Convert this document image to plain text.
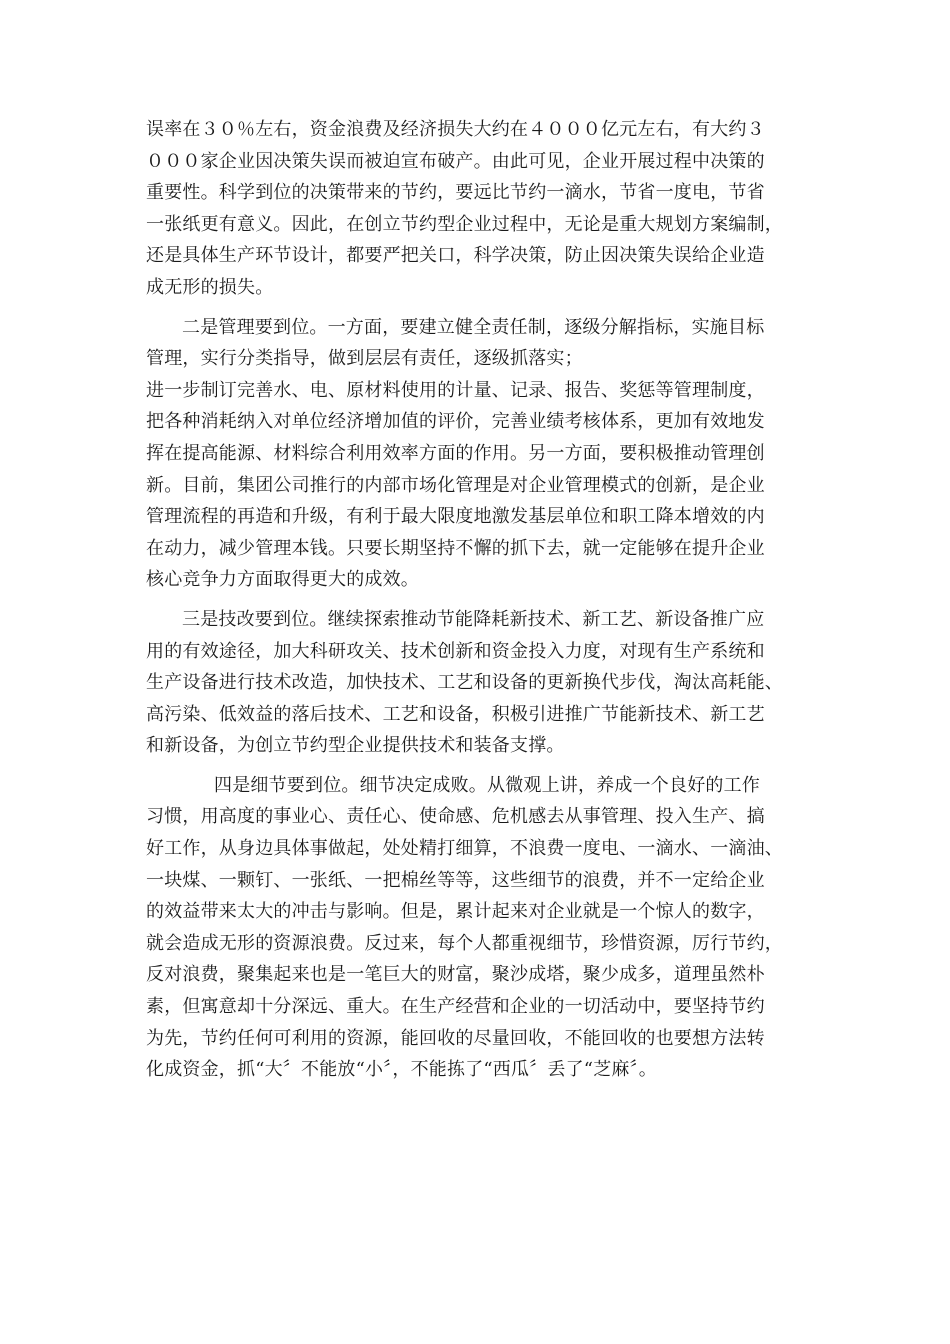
误率在３０％左右，资金浪费及经济损失大约在４０００亿元左右，有大约３
０００家企业因决策失误而被迫宣布破产。由此可见，企业开展过程中决策的
重要性。科学到位的决策带来的节约，要远比节约一滴水，节省一度电，节省
一张纸更有意义。因此，在创立节约型企业过程中，无论是重大规划方案编制，
还是具体生产环节设计，都要严把关口，科学决策，防止因决策失误给企业造
成无形的损失。
二是管理要到位。一方面，要建立健全责任制，逐级分解指标，实施目标
管理，实行分类指导，做到层层有责任，逐级抓落实；
进一步制订完善水、电、原材料使用的计量、记录、报告、奖惩等管理制度，
把各种消耗纳入对单位经济增加值的评价，完善业绩考核体系，更加有效地发
挥在提高能源、材料综合利用效率方面的作用。另一方面，要积极推动管理创
新。目前，集团公司推行的内部市场化管理是对企业管理模式的创新，是企业
管理流程的再造和升级，有利于最大限度地激发基层单位和职工降本增效的内
在动力，减少管理本钱。只要长期坚持不懈的抓下去，就一定能够在提升企业
核心竞争力方面取得更大的成效。
三是技改要到位。继续探索推动节能降耗新技术、新工艺、新设备推广应
用的有效途径，加大科研攻关、技术创新和资金投入力度，对现有生产系统和
生产设备进行技术改造，加快技术、工艺和设备的更新换代步伐，淘汰高耗能、
高污染、低效益的落后技术、工艺和设备，积极引进推广节能新技术、新工艺
和新设备，为创立节约型企业提供技术和装备支撑。
四是细节要到位。细节决定成败。从微观上讲，养成一个良好的工作
习惯，用高度的事业心、责任心、使命感、危机感去从事管理、投入生产、搞
好工作，从身边具体事做起，处处精打细算，不浪费一度电、一滴水、一滴油、
一块煤、一颗钉、一张纸、一把棉丝等等，这些细节的浪费，并不一定给企业
的效益带来太大的冲击与影响。但是，累计起来对企业就是一个惊人的数字，
就会造成无形的资源浪费。反过来，每个人都重视细节，珍惜资源，厉行节约，
反对浪费，聚集起来也是一笔巨大的财富，聚沙成塔，聚少成多，道理虽然朴
素，但寓意却十分深远、重大。在生产经营和企业的一切活动中，要坚持节约
为先，节约任何可利用的资源，能回收的尽量回收，不能回收的也要想方法转
化成资金，抓“大〞不能放“小〞，不能拣了“西瓜〞丢了“芝麻〞。
